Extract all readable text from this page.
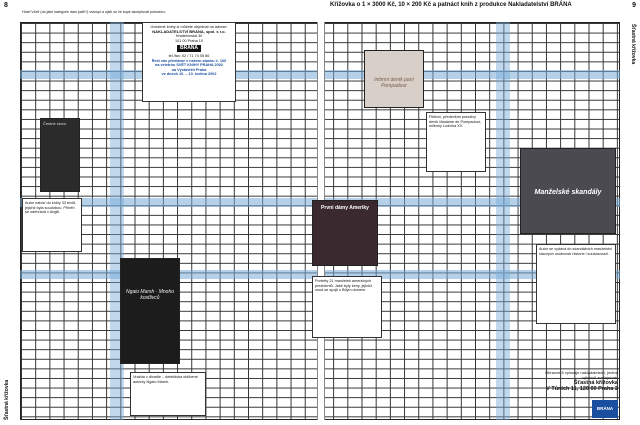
8	Křížovka o 1 × 3000 Kč, 10 × 200 Kč a patnáct knih z produkce Nakladatelství BRÁNA	9
Hotel Včelí (do jaké kategorie dam patří?) vstoupí a ujistí se že kupé akceptovat polonézu.
Šťastná křížovka
Šťastná křížovka

Uvedené knihy si můžete objednat na adrese:

NAKLADATELSTVÍ BRÁNA, spol. s r.o.

Hradešínská 30

101 00 Praha 10

BRÁNA

tel./fax: 02 / 71 74 05 86

Řeší vás přivítáme v našem stánku č. 100

na veletrhu SVĚT KNIHY PRAHA 2002

na Výstavišti Praha

ve dnech 10. – 13. května 2002

Čestné slovo
Intimní deník paní Pompadour
První dámy Ameriky
Manželské skandály
Ngaio Marsh · Mnoho kostlivců
Autor nabízí do knihy 33 textů, jejichž byla soudobou. Příběh se odehrává v Anglii.
Fiktivní, především pravdivý deník Madame de Pompadour, milenky Ludvíka XV.
Portréty 21 manželek amerických prezidentů. Jaké byly ženy, jejichž osud se spojil s Bílým domem.
Autor se vydává do skandálních manželství slavných osobností historie i současnosti.
Vražda v divadle – detektivka oblíbené autorky Ngaio Marsh.
Obrazce-5 vylosuje nakladatelství, jména výherců zveřejníme.
Šťastná křížovka
V Tůních 11, 120 00 Praha 2
BRÁNA
